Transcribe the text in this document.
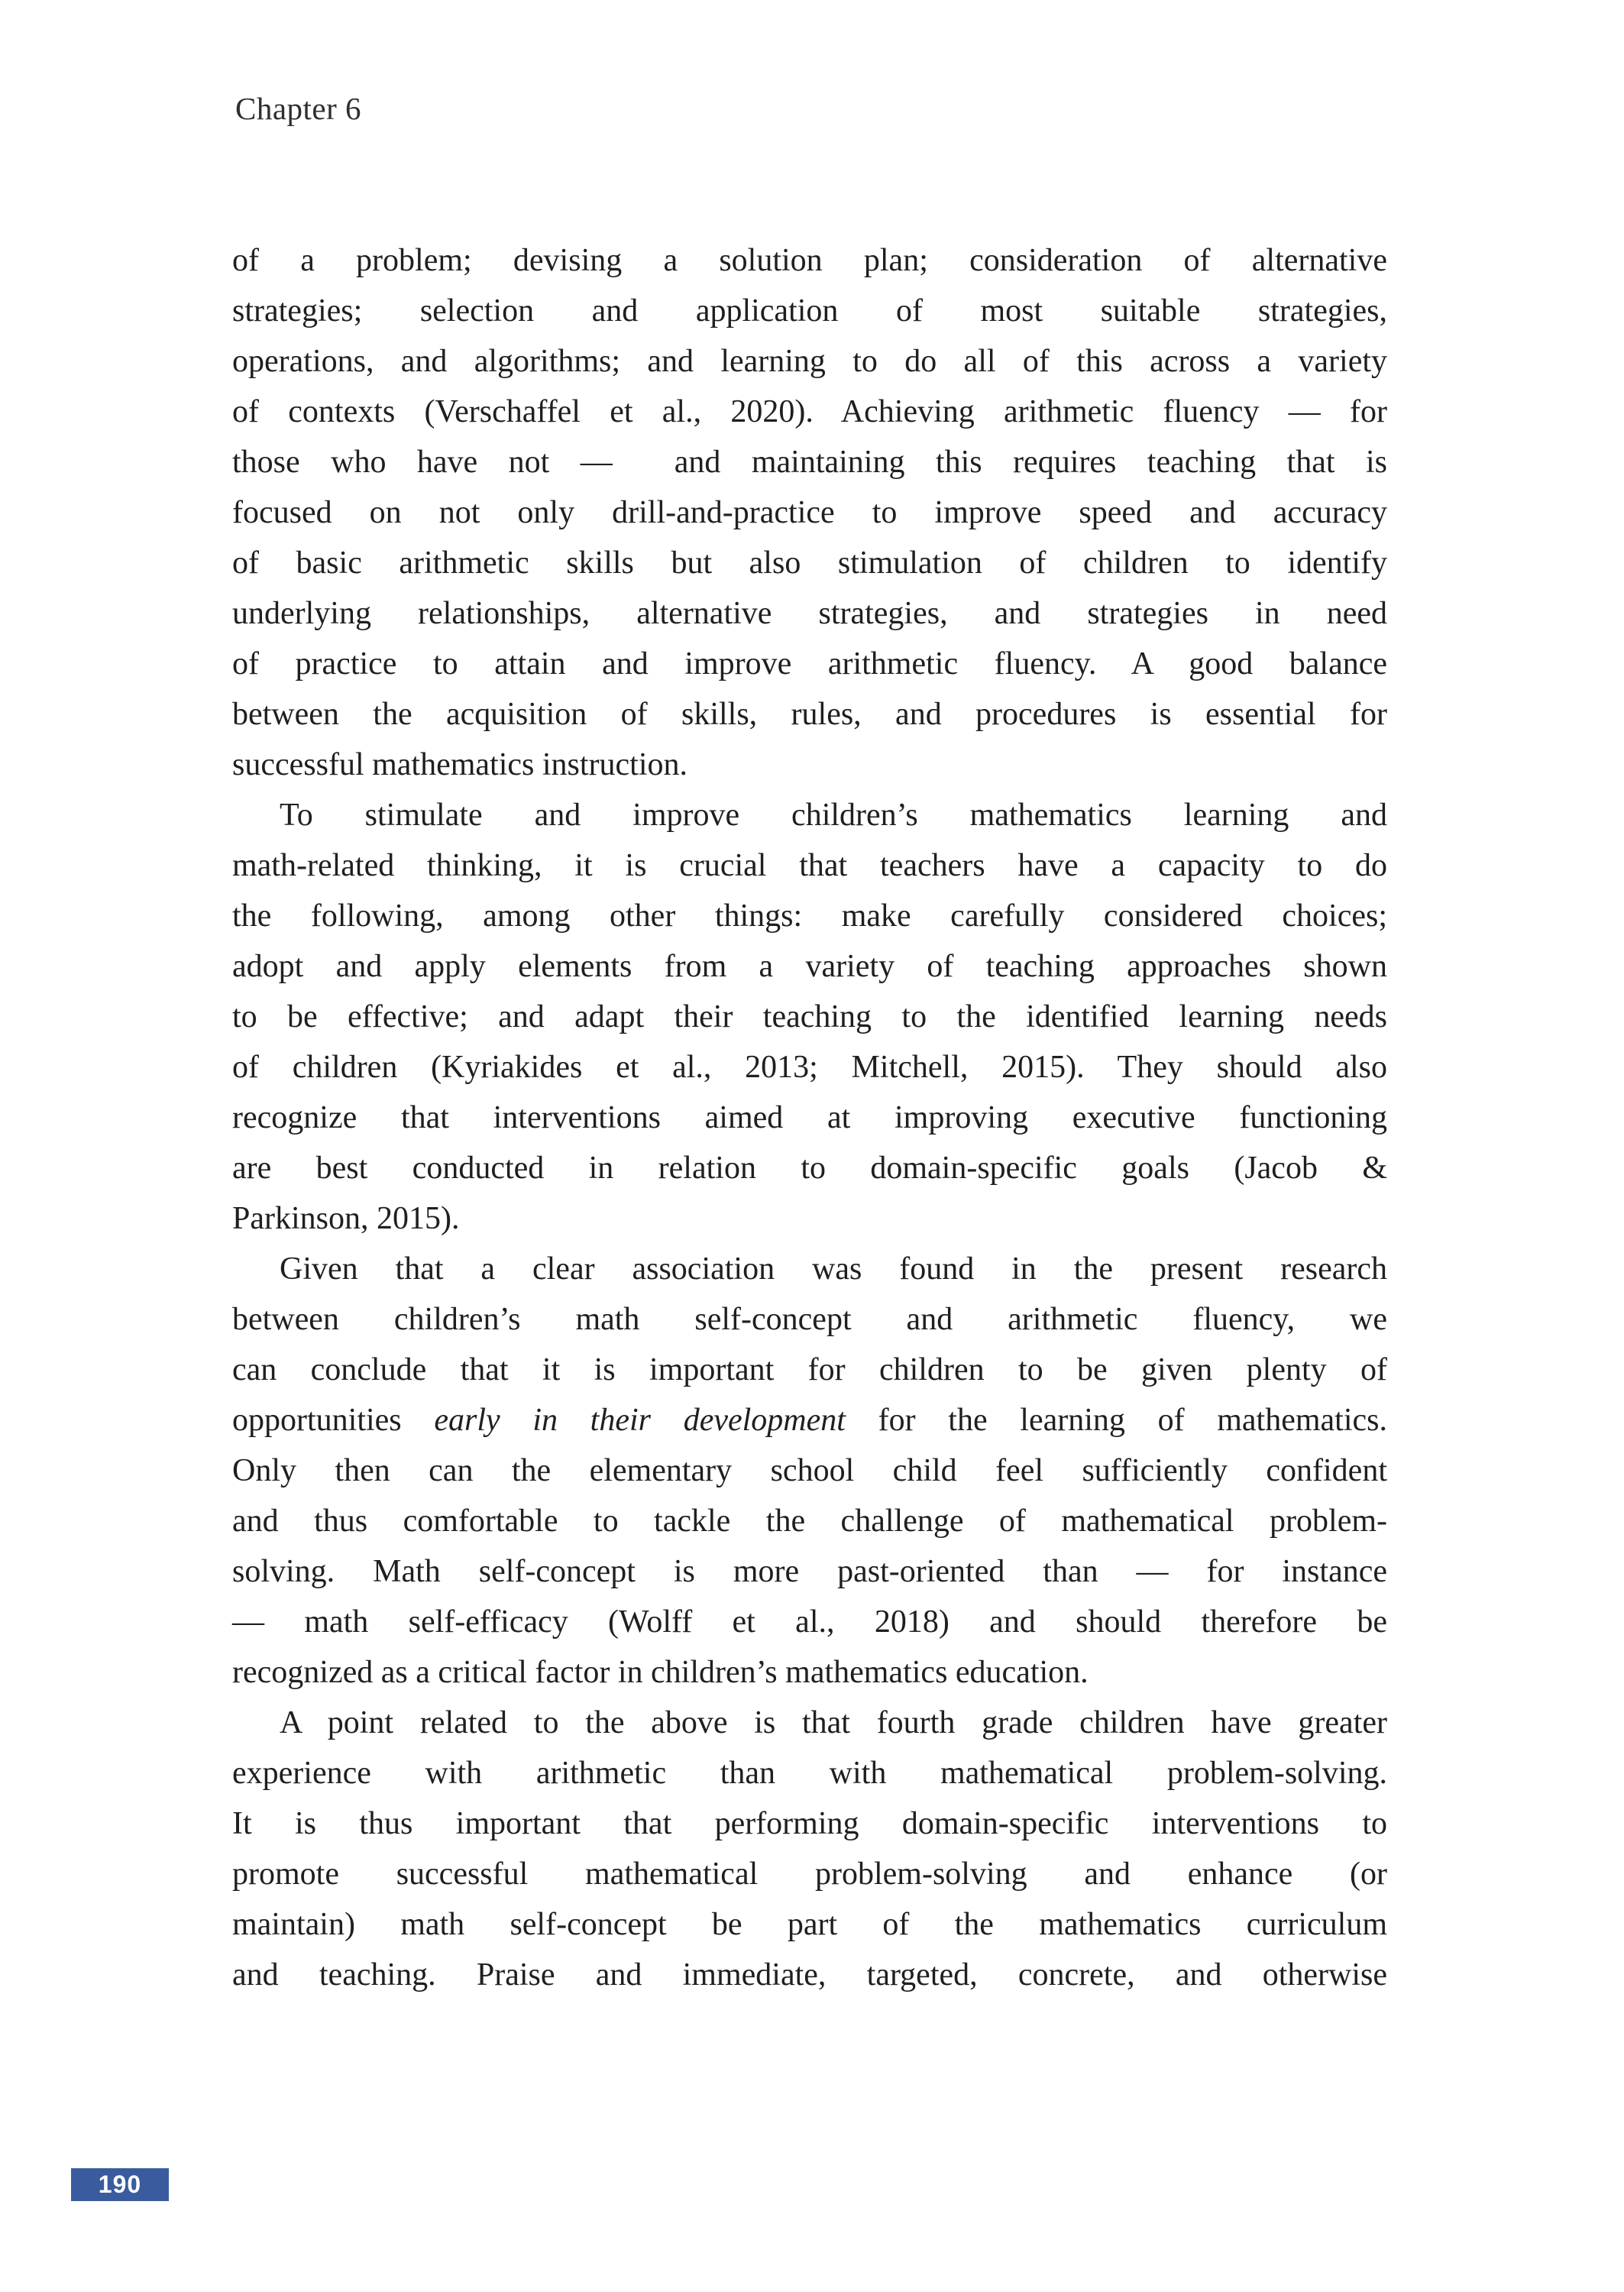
Chapter 6
of a problem; devising a solution plan; consideration of alternative
strategies; selection and application of most suitable strategies,
operations, and algorithms; and learning to do all of this across a variety
of contexts (Verschaffel et al., 2020). Achieving arithmetic fluency — for
those who have not —  and maintaining this requires teaching that is
focused on not only drill-and-practice to improve speed and accuracy
of basic arithmetic skills but also stimulation of children to identify
underlying relationships, alternative strategies, and strategies in need
of practice to attain and improve arithmetic fluency. A good balance
between the acquisition of skills, rules, and procedures is essential for
successful mathematics instruction.
To stimulate and improve children’s mathematics learning and
math-related thinking, it is crucial that teachers have a capacity to do
the following, among other things: make carefully considered choices;
adopt and apply elements from a variety of teaching approaches shown
to be effective; and adapt their teaching to the identified learning needs
of children (Kyriakides et al., 2013; Mitchell, 2015). They should also
recognize that interventions aimed at improving executive functioning
are best conducted in relation to domain-specific goals (Jacob &
Parkinson, 2015).
Given that a clear association was found in the present research
between children’s math self-concept and arithmetic fluency, we
can conclude that it is important for children to be given plenty of
opportunities early in their development for the learning of mathematics.
Only then can the elementary school child feel sufficiently confident
and thus comfortable to tackle the challenge of mathematical problem-
solving. Math self-concept is more past-oriented than — for instance
— math self-efficacy (Wolff et al., 2018) and should therefore be
recognized as a critical factor in children’s mathematics education.
A point related to the above is that fourth grade children have greater
experience with arithmetic than with mathematical problem-solving.
It is thus important that performing domain-specific interventions to
promote successful mathematical problem-solving and enhance (or
maintain) math self-concept be part of the mathematics curriculum
and teaching. Praise and immediate, targeted, concrete, and otherwise
190
